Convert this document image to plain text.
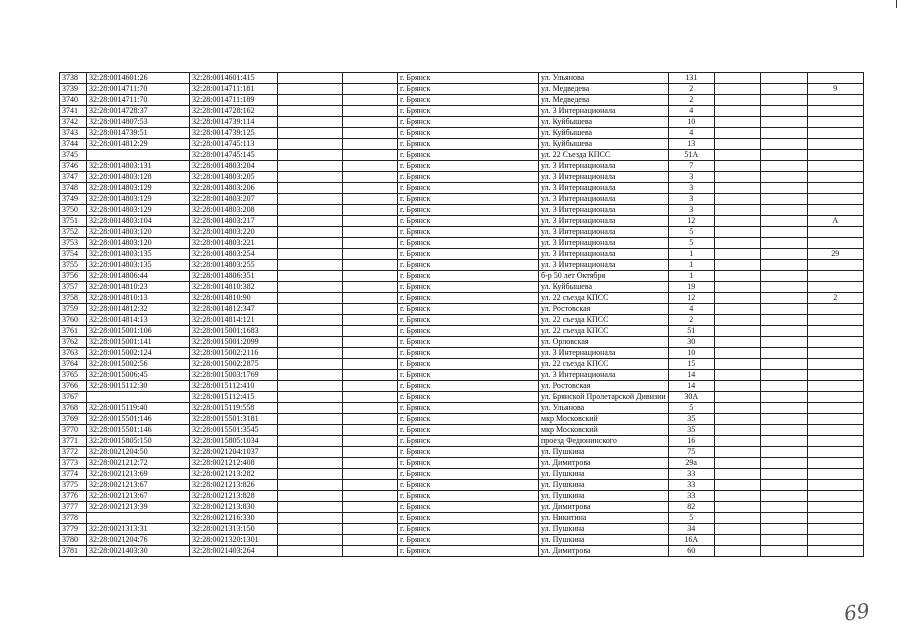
3738	32:28:0014601:26	32:28:0014601:415			г. Брянск	ул. Ульянова	131			
3739	32:28:0014711:70	32:28:0014711:181			г. Брянск	ул. Медведева	2			9
3740	32:28:0014711:70	32:28:0014711:189			г. Брянск	ул. Медведева	2			
3741	32:28:0014728:37	32:28:0014728:162			г. Брянск	ул. 3 Интернационала	4			
3742	32:28:0014807:53	32:28:0014739:114			г. Брянск	ул. Куйбышева	10			
3743	32:28:0014739:51	32:28:0014739:125			г. Брянск	ул. Куйбышева	4			
3744	32:28:0014812:29	32:28:0014745:113			г. Брянск	ул. Куйбышева	13			
3745		32:28:0014745:145			г. Брянск	ул. 22 Съезда КПСС	51А			
3746	32:28:0014803:131	32:28:0014803:204			г. Брянск	ул. 3 Интернационала	7			
3747	32:28:0014803:128	32:28:0014803:205			г. Брянск	ул. 3 Интернационала	3			
3748	32:28:0014803:129	32:28:0014803:206			г. Брянск	ул. 3 Интернационала	3			
3749	32:28:0014803:129	32:28:0014803:207			г. Брянск	ул. 3 Интернационала	3			
3750	32:28:0014803:129	32:28:0014803:208			г. Брянск	ул. 3 Интернационала	3			
3751	32:28:0014803:104	32:28:0014803:217			г. Брянск	ул. 3 Интернационала	12			А
3752	32:28:0014803:120	32:28:0014803:220			г. Брянск	ул. 3 Интернационала	5			
3753	32:28:0014803:120	32:28:0014803:221			г. Брянск	ул. 3 Интернационала	5			
3754	32:28:0014803:135	32:28:0014803:254			г. Брянск	ул. 3 Интернационала	1			29
3755	32:28:0014803:135	32:28:0014803:255			г. Брянск	ул. 3 Интернационала	1			
3756	32:28:0014806:44	32:28:0014806:351			г. Брянск	б-р 50 лет Октября	1			
3757	32:28:0014810:23	32:28:0014810:382			г. Брянск	ул. Куйбышева	19			
3758	32:28:0014810:13	32:28:0014810:90			г. Брянск	ул. 22 съезда КПСС	12			2
3759	32:28:0014812:32	32:28:0014812:347			г. Брянск	ул. Ростовская	4			
3760	32:28:0014814:13	32:28:0014814:121			г. Брянск	ул. 22 съезда КПСС	2			
3761	32:28:0015001:106	32:28:0015001:1683			г. Брянск	ул. 22 съезда КПСС	51			
3762	32:28:0015001:141	32:28:0015001:2099			г. Брянск	ул. Орловская	30			
3763	32:28:0015002:124	32:28:0015002:2116			г. Брянск	ул. 3 Интернационала	10			
3764	32:28:0015002:56	32:28:0015002:2875			г. Брянск	ул. 22 съезда КПСС	15			
3765	32:28:0015006:45	32:28:0015003:1769			г. Брянск	ул. 3 Интернационала	14			
3766	32:28:0015112:30	32:28:0015112:410			г. Брянск	ул. Ростовская	14			
3767		32:28:0015112:415			г. Брянск	ул. Брянской Пролетарской Дивизии	30А			
3768	32:28:0015119:40	32:28:0015119:558			г. Брянск	ул. Ульянова	5			
3769	32:28:0015501:146	32:28:0015501:3181			г. Брянск	мкр Московский	35			
3770	32:28:0015501:146	32:28:0015501:3545			г. Брянск	мкр Московский	35			
3771	32:28:0015805:150	32:28:0015805:1034			г. Брянск	проезд Федюнинского	16			
3772	32:28:0021204:50	32:28:0021204:1037			г. Брянск	ул. Пушкина	75			
3773	32:28:0021212:72	32:28:0021212:408			г. Брянск	ул. Димитрова	29а			
3774	32:28:0021213:69	32:28:0021213:282			г. Брянск	ул. Пушкина	33			
3775	32:28:0021213:67	32:28:0021213:826			г. Брянск	ул. Пушкина	33			
3776	32:28:0021213:67	32:28:0021213:828			г. Брянск	ул. Пушкина	33			
3777	32:28:0021213:39	32:28:0021213:830			г. Брянск	ул. Димитрова	82			
3778		32:28:0021216:330			г. Брянск	ул. Никитина	5			
3779	32:28:0021313:31	32:28:0021313:150			г. Брянск	ул. Пушкина	34			
3780	32:28:0021204:76	32:28:0021320:1301			г. Брянск	ул. Пушкина	16А			
3781	32:28:0021403:30	32:28:0021403:264			г. Брянск	ул. Димитрова	60			
69
